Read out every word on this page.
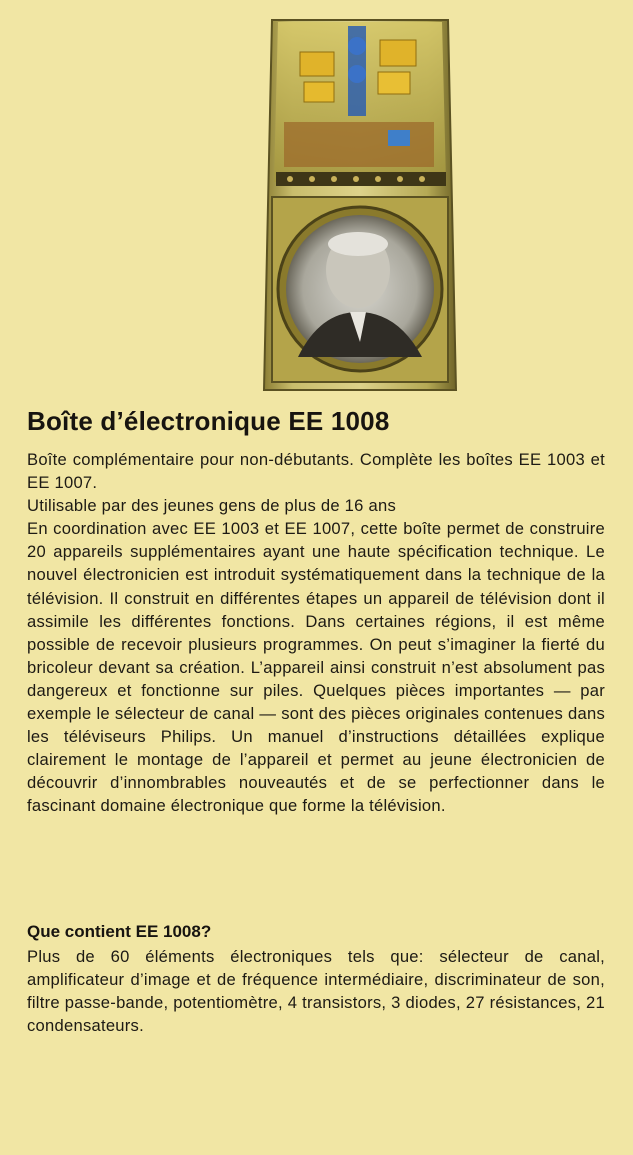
Boîte d’électronique EE 1008

Boîte complémentaire pour non-débutants. Complète les boîtes EE 1003 et EE 1007.

Utilisable par des jeunes gens de plus de 16 ans

En coordination avec EE 1003 et EE 1007, cette boîte permet de construire 20 appareils supplémentaires ayant une haute spécification technique. Le nouvel électronicien est introduit systématiquement dans la technique de la télévision. Il construit en différentes étapes un appareil de télévision dont il assimile les différentes fonctions. Dans certaines régions, il est même possible de recevoir plusieurs programmes. On peut s’imaginer la fierté du bricoleur devant sa création. L’appareil ainsi construit n’est absolument pas dangereux et fonctionne sur piles. Quelques pièces importantes — par exemple le sélecteur de canal — sont des pièces originales contenues dans les téléviseurs Philips. Un manuel d’instructions détaillées explique clairement le montage de l’appareil et permet au jeune électronicien de découvrir d’innombrables nouveautés et de se perfectionner dans le fascinant domaine électronique que forme la télévision.

Que contient EE 1008?

Plus de 60 éléments électroniques tels que: sélecteur de canal, amplificateur d’image et de fréquence intermédiaire, discriminateur de son, filtre passe-bande, potentiomètre, 4 transistors, 3 diodes, 27 résistances, 21 condensateurs.
